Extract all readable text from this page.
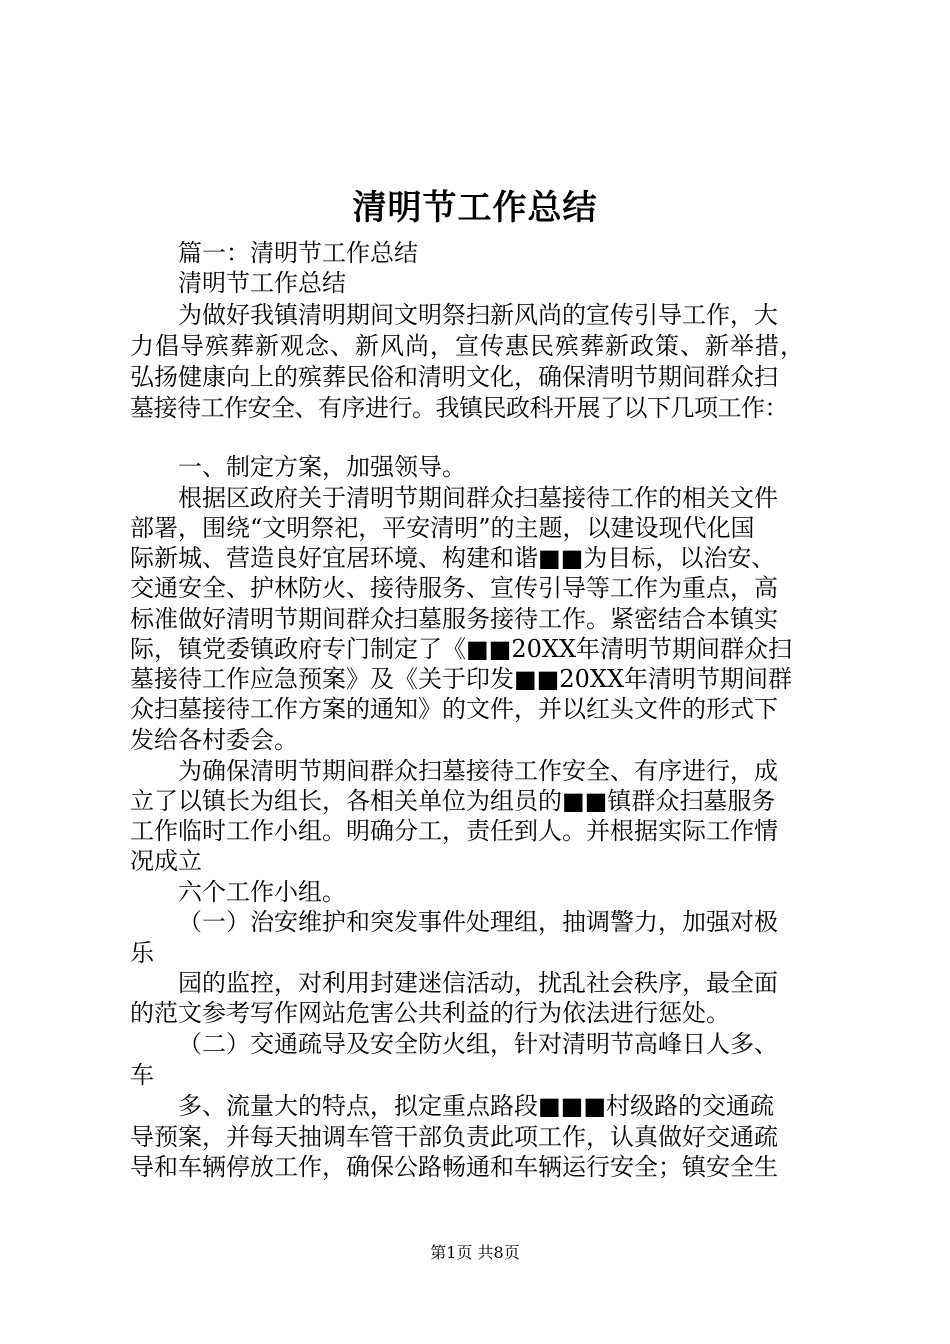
清明节工作总结
篇一：清明节工作总结
清明节工作总结
为做好我镇清明期间文明祭扫新风尚的宣传引导工作，大
力倡导殡葬新观念、新风尚，宣传惠民殡葬新政策、新举措，
弘扬健康向上的殡葬民俗和清明文化，确保清明节期间群众扫
墓接待工作安全、有序进行。我镇民政科开展了以下几项工作：
一、制定方案，加强领导。
根据区政府关于清明节期间群众扫墓接待工作的相关文件
部署，围绕“文明祭祀，平安清明”的主题，以建设现代化国
际新城、营造良好宜居环境、构建和谐■■为目标，以治安、
交通安全、护林防火、接待服务、宣传引导等工作为重点，高
标准做好清明节期间群众扫墓服务接待工作。紧密结合本镇实
际，镇党委镇政府专门制定了《■■20XX年清明节期间群众扫
墓接待工作应急预案》及《关于印发■■20XX年清明节期间群
众扫墓接待工作方案的通知》的文件，并以红头文件的形式下
发给各村委会。
为确保清明节期间群众扫墓接待工作安全、有序进行，成
立了以镇长为组长，各相关单位为组员的■■镇群众扫墓服务
工作临时工作小组。明确分工，责任到人。并根据实际工作情
况成立
六个工作小组。
（一）治安维护和突发事件处理组，抽调警力，加强对极
乐
园的监控，对利用封建迷信活动，扰乱社会秩序，最全面
的范文参考写作网站危害公共利益的行为依法进行惩处。
（二）交通疏导及安全防火组，针对清明节高峰日人多、
车
多、流量大的特点，拟定重点路段■■■村级路的交通疏
导预案，并每天抽调车管干部负责此项工作，认真做好交通疏
导和车辆停放工作，确保公路畅通和车辆运行安全；镇安全生
第1页 共8页
